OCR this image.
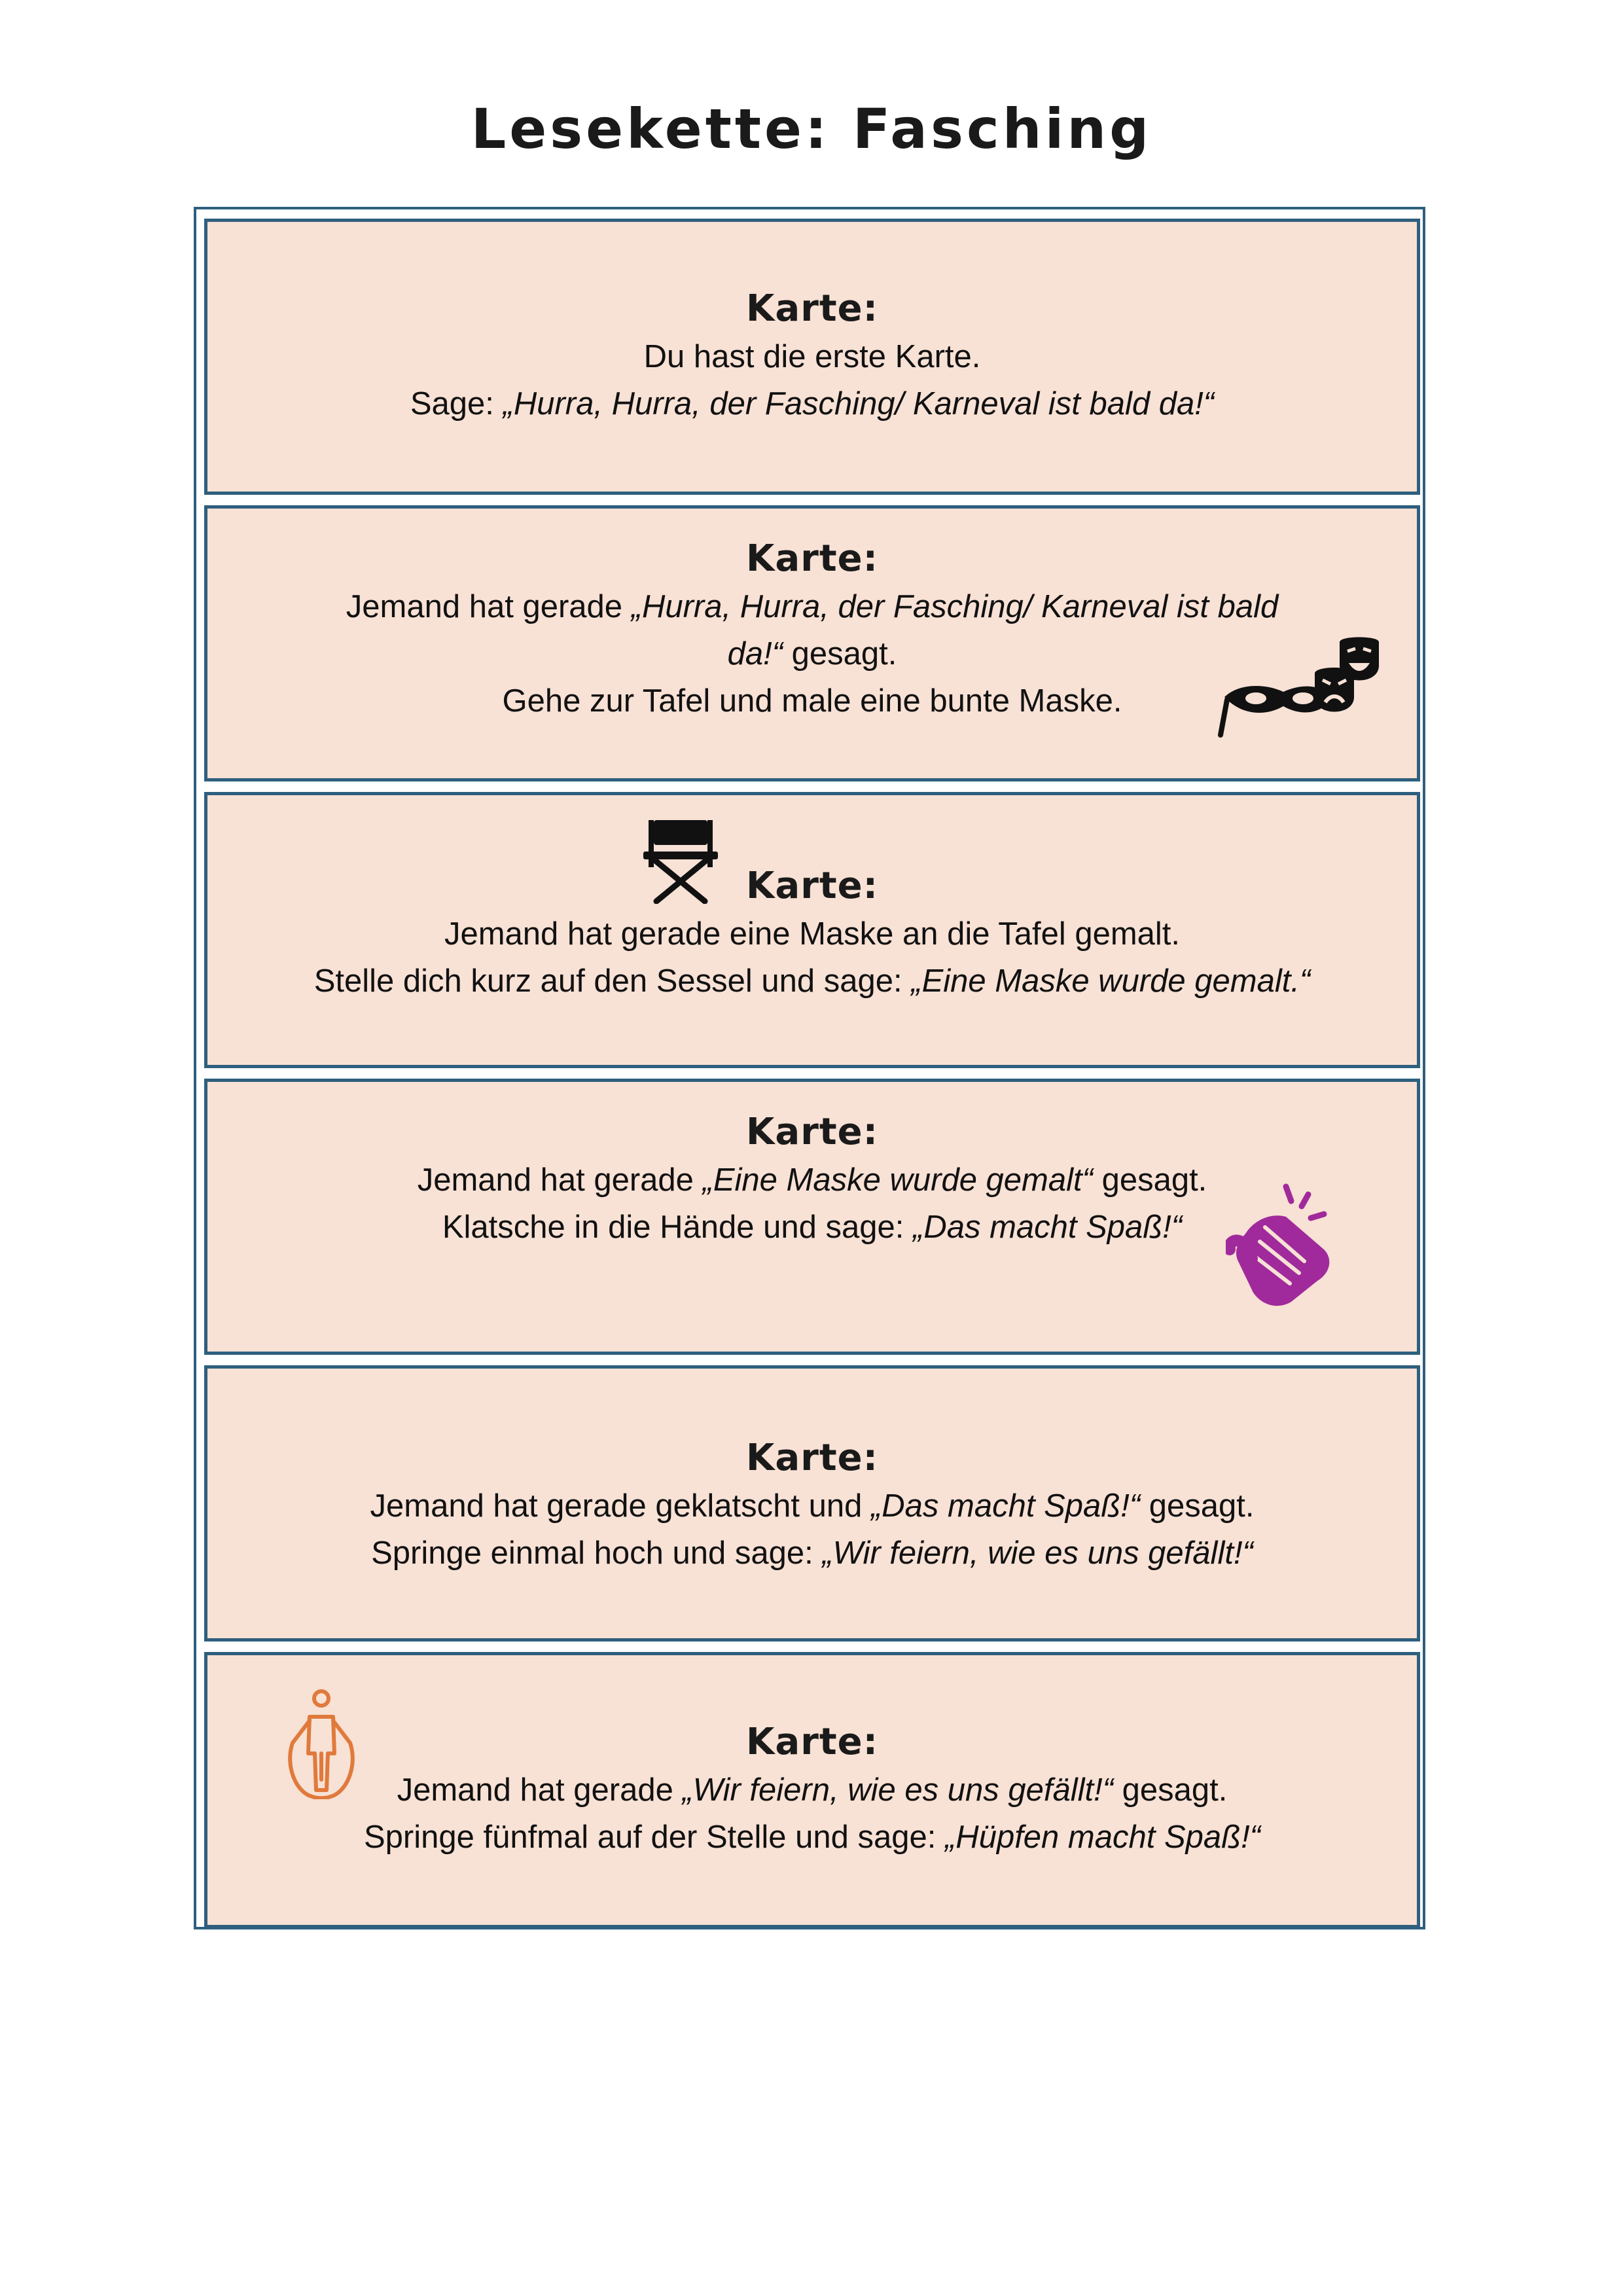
Lesekette: Fasching
Karte:
Du hast die erste Karte.
Sage: „Hurra, Hurra, der Fasching/ Karneval ist bald da!“
Karte:
Jemand hat gerade „Hurra, Hurra, der Fasching/ Karneval ist bald
da!“ gesagt.
Gehe zur Tafel und male eine bunte Maske.
Karte:
Jemand hat gerade eine Maske an die Tafel gemalt.
Stelle dich kurz auf den Sessel und sage: „Eine Maske wurde gemalt.“
Karte:
Jemand hat gerade „Eine Maske wurde gemalt“ gesagt.
Klatsche in die Hände und sage: „Das macht Spaß!“
Karte:
Jemand hat gerade geklatscht und „Das macht Spaß!“ gesagt.
Springe einmal hoch und sage: „Wir feiern, wie es uns gefällt!“
Karte:
Jemand hat gerade „Wir feiern, wie es uns gefällt!“ gesagt.
Springe fünfmal auf der Stelle und sage: „Hüpfen macht Spaß!“
